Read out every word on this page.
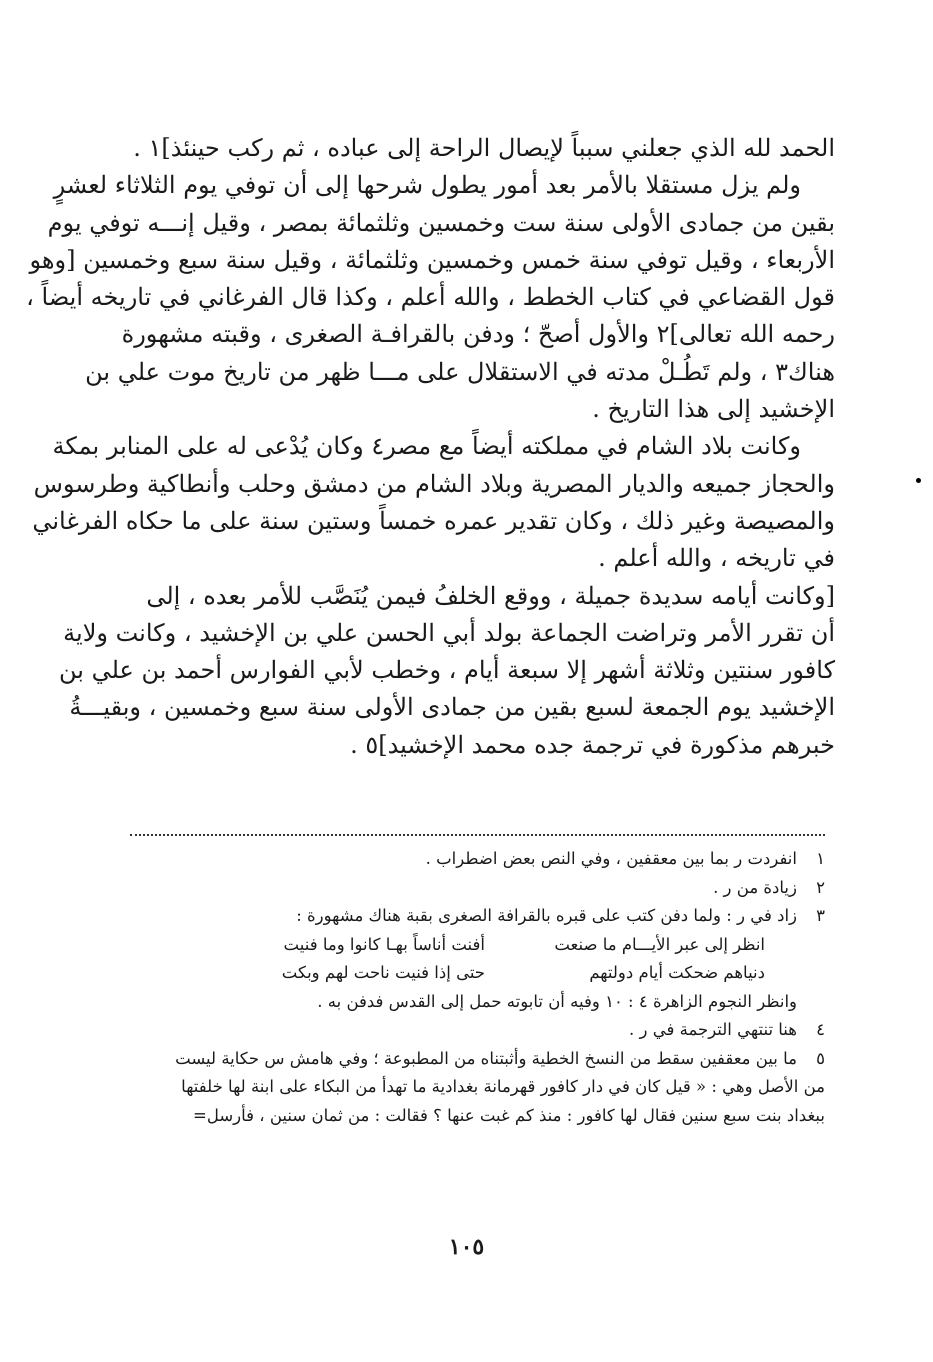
الحمد لله الذي جعلني سبباً لإيصال الراحة إلى عباده ، ثم ركب حينئذ]١ .
ولم يزل مستقلا بالأمر بعد أمور يطول شرحها إلى أن توفي يوم الثلاثاء لعشرٍ
بقين من جمادى الأولى سنة ست وخمسين وثلثمائة بمصر ، وقيل إنـــه توفي يوم
الأربعاء ، وقيل توفي سنة خمس وخمسين وثلثمائة ، وقيل سنة سبع وخمسين [وهو
قول القضاعي في كتاب الخطط ، والله أعلم ، وكذا قال الفرغاني في تاريخه أيضاً ،
رحمه الله تعالى]٢ والأول أصحّ ؛ ودفن بالقرافـة الصغرى ، وقبته مشهورة
هناك٣ ، ولم تَطُـلْ مدته في الاستقلال على مـــا ظهر من تاريخ موت علي بن
الإخشيد إلى هذا التاريخ .
وكانت بلاد الشام في مملكته أيضاً مع مصر٤ وكان يُدْعى له على المنابر بمكة
والحجاز جميعه والديار المصرية وبلاد الشام من دمشق وحلب وأنطاكية وطرسوس
والمصيصة وغير ذلك ، وكان تقدير عمره خمساً وستين سنة على ما حكاه الفرغاني
في تاريخه ، والله أعلم .
[وكانت أيامه سديدة جميلة ، ووقع الخلفُ فيمن يُنَصَّب للأمر بعده ، إلى
أن تقرر الأمر وتراضت الجماعة بولد أبي الحسن علي بن الإخشيد ، وكانت ولاية
كافور سنتين وثلاثة أشهر إلا سبعة أيام ، وخطب لأبي الفوارس أحمد بن علي بن
الإخشيد يوم الجمعة لسبع بقين من جمادى الأولى سنة سبع وخمسين ، وبقيـــةُ
خبرهم مذكورة في ترجمة جده محمد الإخشيد]٥ .
١انفردت ر بما بين معقفين ، وفي النص بعض اضطراب .
٢زيادة من ر .
٣زاد في ر : ولما دفن كتب على قبره بالقرافة الصغرى بقبة هناك مشهورة :
انظر إلى عبر الأيـــام ما صنعتأفنت أناساً بهـا كانوا وما فنيت
دنياهم ضحكت أيام دولتهمحتى إذا فنيت ناحت لهم وبكت
وانظر النجوم الزاهرة ٤ : ١٠ وفيه أن تابوته حمل إلى القدس فدفن به .
٤هنا تنتهي الترجمة في ر .
٥ما بين معقفين سقط من النسخ الخطية وأثبتناه من المطبوعة ؛ وفي هامش س حكاية ليست
من الأصل وهي : « قيل كان في دار كافور قهرمانة بغدادية ما تهدأ من البكاء على ابنة لها خلفتها
ببغداد بنت سبع سنين فقال لها كافور : منذ كم غبت عنها ؟ فقالت : من ثمان سنين ، فأرسل=
١٠٥
